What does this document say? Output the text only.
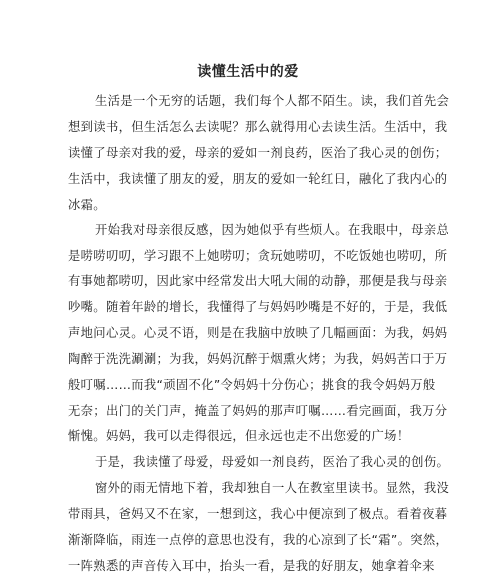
读懂生活中的爱
生活是一个无穷的话题，我们每个人都不陌生。读，我们首先会
想到读书，但生活怎么去读呢？那么就得用心去读生活。生活中，我
读懂了母亲对我的爱，母亲的爱如一剂良药，医治了我心灵的创伤；
生活中，我读懂了朋友的爱，朋友的爱如一轮红日，融化了我内心的
冰霜。
开始我对母亲很反感，因为她似乎有些烦人。在我眼中，母亲总
是唠唠叨叨，学习跟不上她唠叨；贪玩她唠叨，不吃饭她也唠叨，所
有事她都唠叨，因此家中经常发出大吼大闹的动静，那便是我与母亲
吵嘴。随着年龄的增长，我懂得了与妈妈吵嘴是不好的，于是，我低
声地问心灵。心灵不语，则是在我脑中放映了几幅画面：为我，妈妈
陶醉于洗洗涮涮；为我，妈妈沉醉于烟熏火烤；为我，妈妈苦口于万
般叮嘱……而我“顽固不化”令妈妈十分伤心；挑食的我令妈妈万般
无奈；出门的关门声，掩盖了妈妈的那声叮嘱……看完画面，我万分
惭愧。妈妈，我可以走得很远，但永远也走不出您爱的广场！
于是，我读懂了母爱，母爱如一剂良药，医治了我心灵的创伤。
窗外的雨无情地下着，我却独自一人在教室里读书。显然，我没
带雨具，爸妈又不在家，一想到这，我心中便凉到了极点。看着夜暮
渐渐降临，雨连一点停的意思也没有，我的心凉到了长“霜”。突然，
一阵熟悉的声音传入耳中，抬头一看，是我的好朋友，她拿着伞来
